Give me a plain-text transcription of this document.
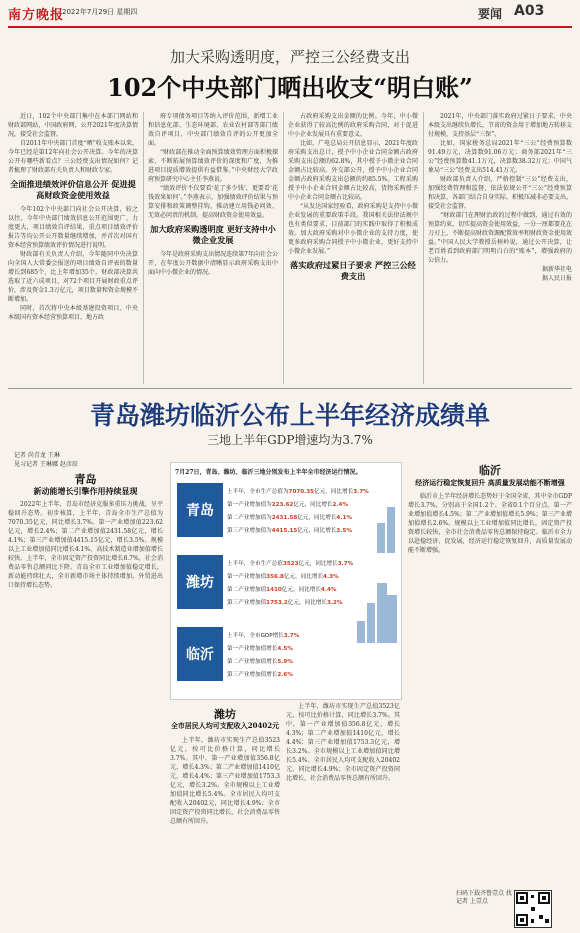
南方晚报
2022年7月29日 星期四	要闻 A03
加大采购透明度，严控三公经费支出
102个中央部门晒出收支“明白账”

近日，102个中央部门集中在本部门网站和财政部网站，中国政府网，公开2021年度决算情况，接受社会监督。

自2011年中央部门首度“晒”收支账本以来，今年已经是第12年向社会公开决算。今年的决算公开有哪些新看点？三公经费支出情况如何？记者梳理了财政部有关负责人和财政专家。

全面推进绩效评价信息公开 促进提高财政资金使用效益

今年102个中央部门向社会公开决算，较之以往，今年中央部门绩效信息公开范围更广、力度更大，项目绩效自评结果，重点项目绩效评价报告等均公开公开数量继续增加，并首次对国有资本经营预算绩效评价情况进行说明。

财政部有关负责人介绍，今年随同中央决算向全国人大常委会报送的项目绩效自评表的数量增长到685个，比上年增加35个，财政部决算共选取了近六成项目，对72个项目开展财政重点评价，涉及资金1.3万亿元，项目数量和资金规模不断增加。

同时，首次将中央本级基建投资项目、中央本级国有资本经营预算项目，地方政

府专项债务项目等纳入评价范围，新增工业和信息化部、生态环境部、农业农村部等部门绩效自评项目，中央部门绩效自评的公开更加全面。

“财政部在推动全面预算绩效管理方面积极探索，不断拓展预算绩效评价的深度和广度，为推进项目提质增效提供有益借鉴。”中央财经大学政府预算研究中心主任李燕说。

“绩效评价不仅要看‘花了多少钱’，更要看‘花钱效果如何’。”李燕表示，加强绩效评价结果与预算安排和政策调整挂钩，推动建立用钱必问效、无效必问责的机制，提高财政资金使用效益。

加大政府采购透明度 更好支持中小微企业发展

今年是政府采购支出情况连续第7年向社会公开，在年度公开数据中清晰显示政府采购支出中面向中小微企业的情况。

占政府采购支出金额的比例。今年，中小微企业获得了较高比例的政府采购合同，对于促进中小企业发展具有重要意义。

比如，广电总局公开信息显示，2021年度政府采购支出总计，授予中小企业合同金额占政府采购支出总额的62.8%，其中授予小微企业合同金额占比较高。外交部公开，授予中小企业合同金额占政府采购支出总额的约85.5%。工程采购授予中小企业合同金额占比较高，货物采购授予中小企业合同金额占比较高。

“从发达国家经验看，政府采购是支持中小微企业发展的重要政策手段。我国相关法律法规中也有类似要求，目前部门的实践中取得了积极成效。加大政府采购对中小微企业的支持力度，使更多政府采购合同授予中小微企业，更好支持中小微企业发展。”

落实政府过紧日子要求 严控三公经费支出

2021年，中央部门落实政府过紧日子要求，中央本级支出继续负增长，节省的资金用于增加地方转移支付规模，支持基层“三保”。

比如，国家税务总局2021年“三公”经费预算数91.49万元，决算数91.06万元；商务部2021年“三公”经费预算数41.1万元，决算数38.32万元；中国气象局“三公”经费支出514.41万元。

财政部负责人介绍，严格控制“三公”经费支出，加强经费管理和监督，依法依规公开“三公”经费预算和决算，各部门结合自身实际，积极压减非必要支出，接受社会监督。

“财政部门在理财治政的过程中做到，通过有效的预算约束，切实提高资金使用效益，一分一厘都要花在刀刃上，不断提高财政资源配置效率和财政资金使用效益。”中国人民大学教授岳树岭说，通过公开决算，让老百姓看到政府部门明明白白的“账本”，增强政府的公信力。

据新华社电

据人民日报

青岛潍坊临沂公布上半年经济成绩单
三地上半年GDP增速均为3.7%
记者 尚青龙 王琳
见习记者 王琳娜 赵彦辰
青岛
新动能增长引擎作用持续显现

2022年上半年，青岛市经济克服多重压力挑战，呈平稳回升态势。初步核算，上半年，青岛全市生产总值为7070.35亿元，同比增长3.7%。第一产业增加值223.62亿元，增长2.4%；第二产业增加值2431.58亿元，增长4.1%；第三产业增加值4415.15亿元，增长3.5%。规模以上工业增加值同比增长4.1%，高技术制造业增加值增长较快。上半年，全市固定资产投资同比增长8.7%，社会消费品零售总额同比下降。青岛全市工业增加值稳定增长，新动能持续壮大，全市新增市场主体持续增加，外贸进出口保持增长态势。

7月27日，青岛、潍坊、临沂三地分别发布上半年全市经济运行情况。
青岛
上半年，全市生产总值为7070.35亿元，同比增长3.7%
第一产业增加值为223.62亿元，同比增长2.4%
第二产业增加值为2431.58亿元，同比增长4.1%
第三产业增加值为4415.15亿元，同比增长3.5%
潍坊
上半年，全市生产总值3523亿元，同比增长3.7%
第一产业增加值356.8亿元，同比增长4.3%
第二产业增加值1410亿元，同比增长4.4%
第三产业增加值1753.2亿元，同比增长3.2%
临沂
上半年，全市GDP增长3.7%
第一产业增加值增长4.5%
第二产业增加值增长5.9%
第三产业增加值增长2.6%
潍坊
全市居民人均可支配收入20402元

上半年，潍坊市实现生产总值3523亿元，按可比价格计算，同比增长3.7%。其中，第一产业增加值356.8亿元，增长4.3%；第二产业增加值1410亿元，增长4.4%；第三产业增加值1753.3亿元，增长3.2%。全市规模以上工业增加值同比增长5.4%。全市居民人均可支配收入20402元，同比增长4.9%；全市固定资产投资同比增长，社会消费品零售总额有所回升。

上半年，潍坊市实现生产总值3523亿元，按可比价格计算，同比增长3.7%。其中，第一产业增加值356.8亿元，增长4.3%；第二产业增加值1410亿元，增长4.4%；第三产业增加值1753.3亿元，增长3.2%。全市规模以上工业增加值同比增长5.4%。全市居民人均可支配收入20402元，同比增长4.9%；全市固定资产投资同比增长，社会消费品零售总额有所回升。

临沂
经济运行稳定恢复回升 高质量发展动能不断增强

临沂市上半年经济增长态势好于全国全省，其中全市GDP增长3.7%，分别高于全国1.2个、全省0.1个百分点。第一产业增加值增长4.5%；第二产业增加值增长5.9%；第三产业增加值增长2.6%。规模以上工业增加值同比增长，固定资产投资增长较快，全市社会消费品零售总额保持稳定。临沂市全力以赴稳经济、促发展，经济运行稳定恢复回升，高质量发展动能不断增强。

扫码下载齐鲁壹点 找记者 上壹点
